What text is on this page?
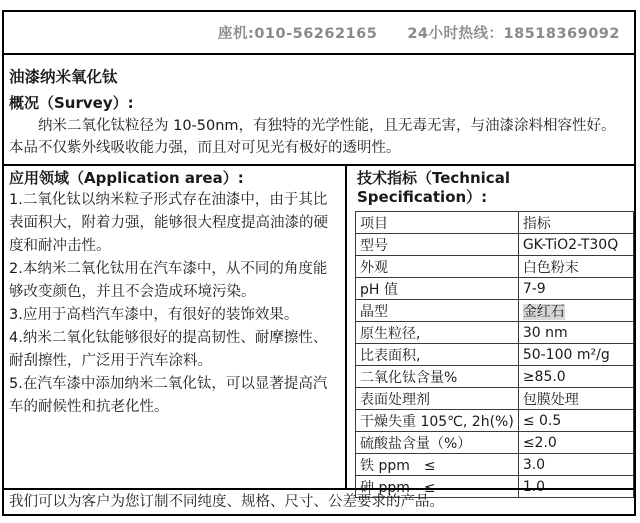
座机:010-56262165 24小时热线：18518369092
油漆纳米氧化钛
概况（Survey）:
纳米二氧化钛粒径为 10-50nm，有独特的光学性能，且无毒无害，与油漆涂料相容性好。本品不仅紫外线吸收能力强，而且对可见光有极好的透明性。
应用领域（Application area）:
1.二氧化钛以纳米粒子形式存在油漆中，由于其比表面积大，附着力强，能够很大程度提高油漆的硬度和耐冲击性。
2.本纳米二氧化钛用在汽车漆中，从不同的角度能够改变颜色，并且不会造成环境污染。
3.应用于高档汽车漆中，有很好的装饰效果。
4.纳米二氧化钛能够很好的提高韧性、耐摩擦性、耐刮擦性，广泛用于汽车涂料。
5.在汽车漆中添加纳米二氧化钛，可以显著提高汽车的耐候性和抗老化性。
技术指标（Technical Specification）:
项目	指标
型号	GK-TiO2-T30Q
外观	白色粉末
pH 值	7-9
晶型	金红石
原生粒径,	30 nm
比表面积,	50-100 m²/g
二氧化钛含量%	≥85.0
表面处理剂	包膜处理
干燥失重 105℃, 2h(%)	≤ 0.5
硫酸盐含量（%）	≤2.0
铁 ppm　≤	3.0
砷 ppm　≤	1.0
我们可以为客户为您订制不同纯度、规格、尺寸、公差要求的产品。
